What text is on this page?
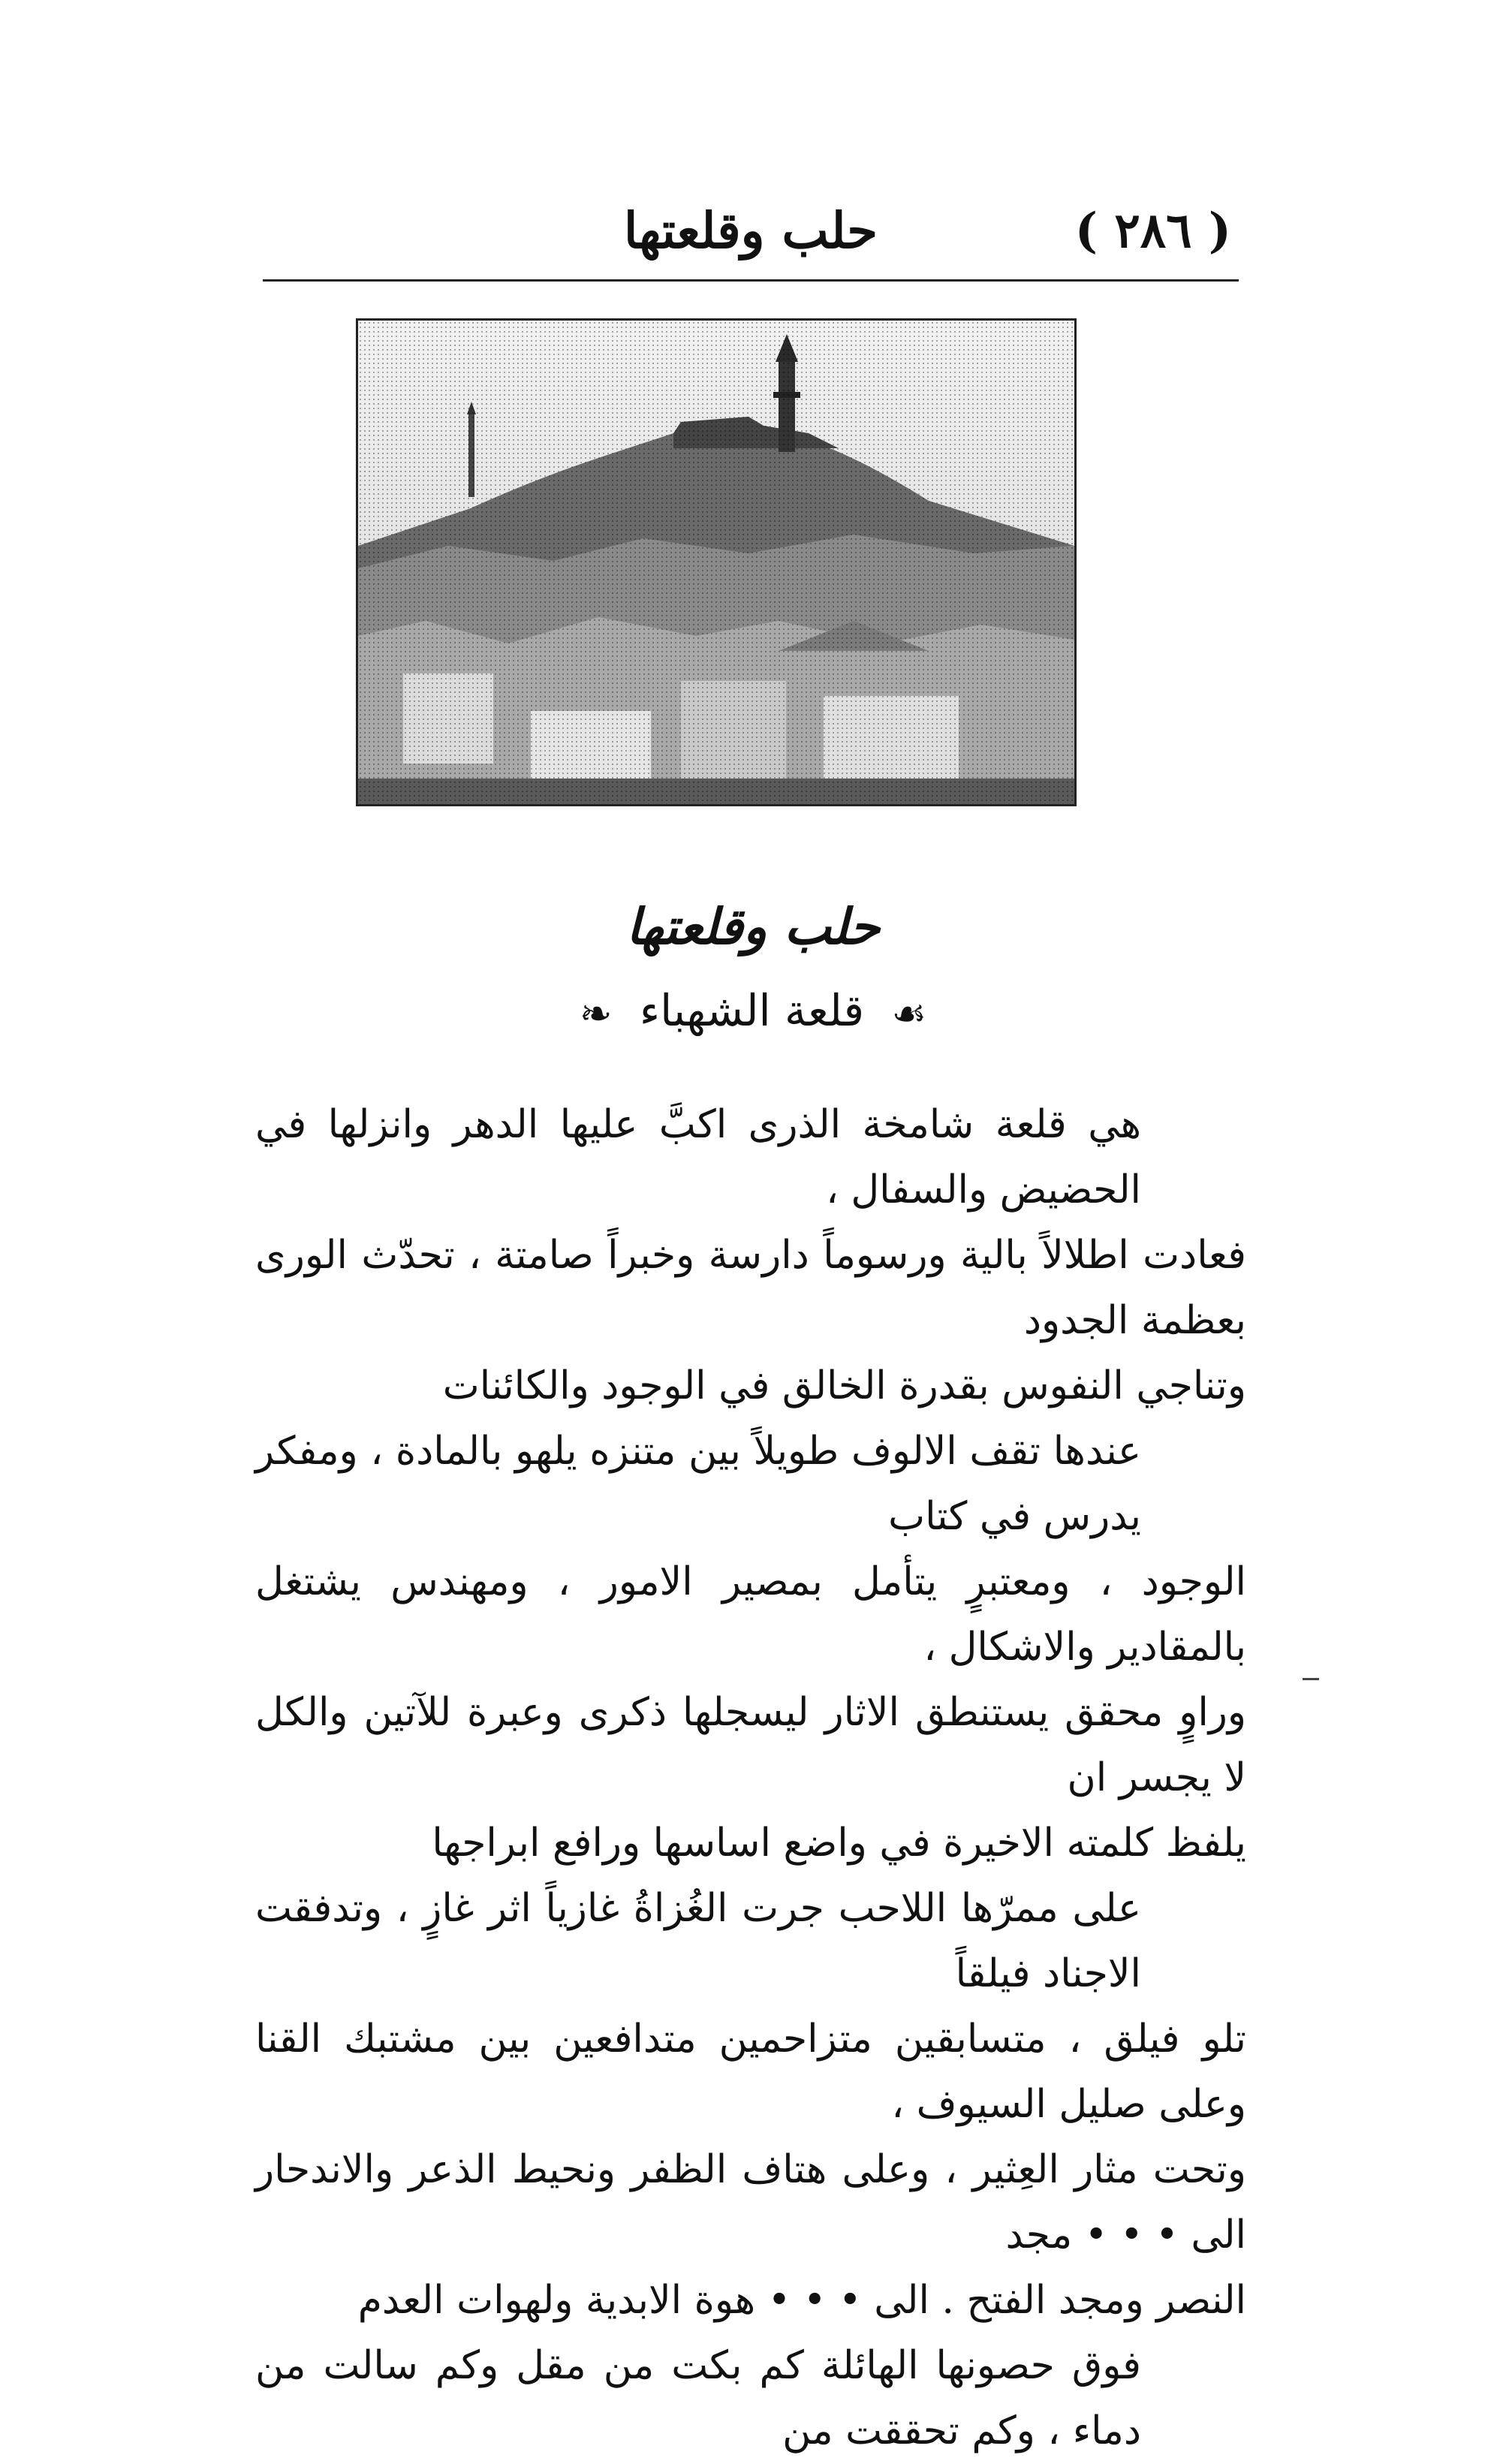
( ٢٨٦ )
حلب وقلعتها
حلب وقلعتها
☙ قلعة الشهباء ❧

هي قلعة شامخة الذرى اكبَّ عليها الدهر وانزلها في الحضيض والسفال ،
فعادت اطلالاً بالية ورسوماً دارسة وخبراً صامتة ، تحدّث الورى بعظمة الجدود
وتناجي النفوس بقدرة الخالق في الوجود والكائنات

عندها تقف الالوف طويلاً بين متنزه يلهو بالمادة ، ومفكر يدرس في كتاب
الوجود ، ومعتبرٍ يتأمل بمصير الامور ، ومهندس يشتغل بالمقادير والاشكال ،
وراوٍ محقق يستنطق الاثار ليسجلها ذكرى وعبرة للآتين والكل لا يجسر ان
يلفظ كلمته الاخيرة في واضع اساسها ورافع ابراجها

على ممرّها اللاحب جرت الغُزاةُ غازياً اثر غازٍ ، وتدفقت الاجناد فيلقاً
تلو فيلق ، متسابقين متزاحمين متدافعين بين مشتبك القنا وعلى صليل السيوف ،
وتحت مثار العِثير ، وعلى هتاف الظفر ونحيط الذعر والاندحار الى • • • مجد
النصر ومجد الفتح . الى • • • هوة الابدية ولهوات العدم

فوق حصونها الهائلة كم بكت من مقل وكم سالت من دماء ، وكم تحققت من
